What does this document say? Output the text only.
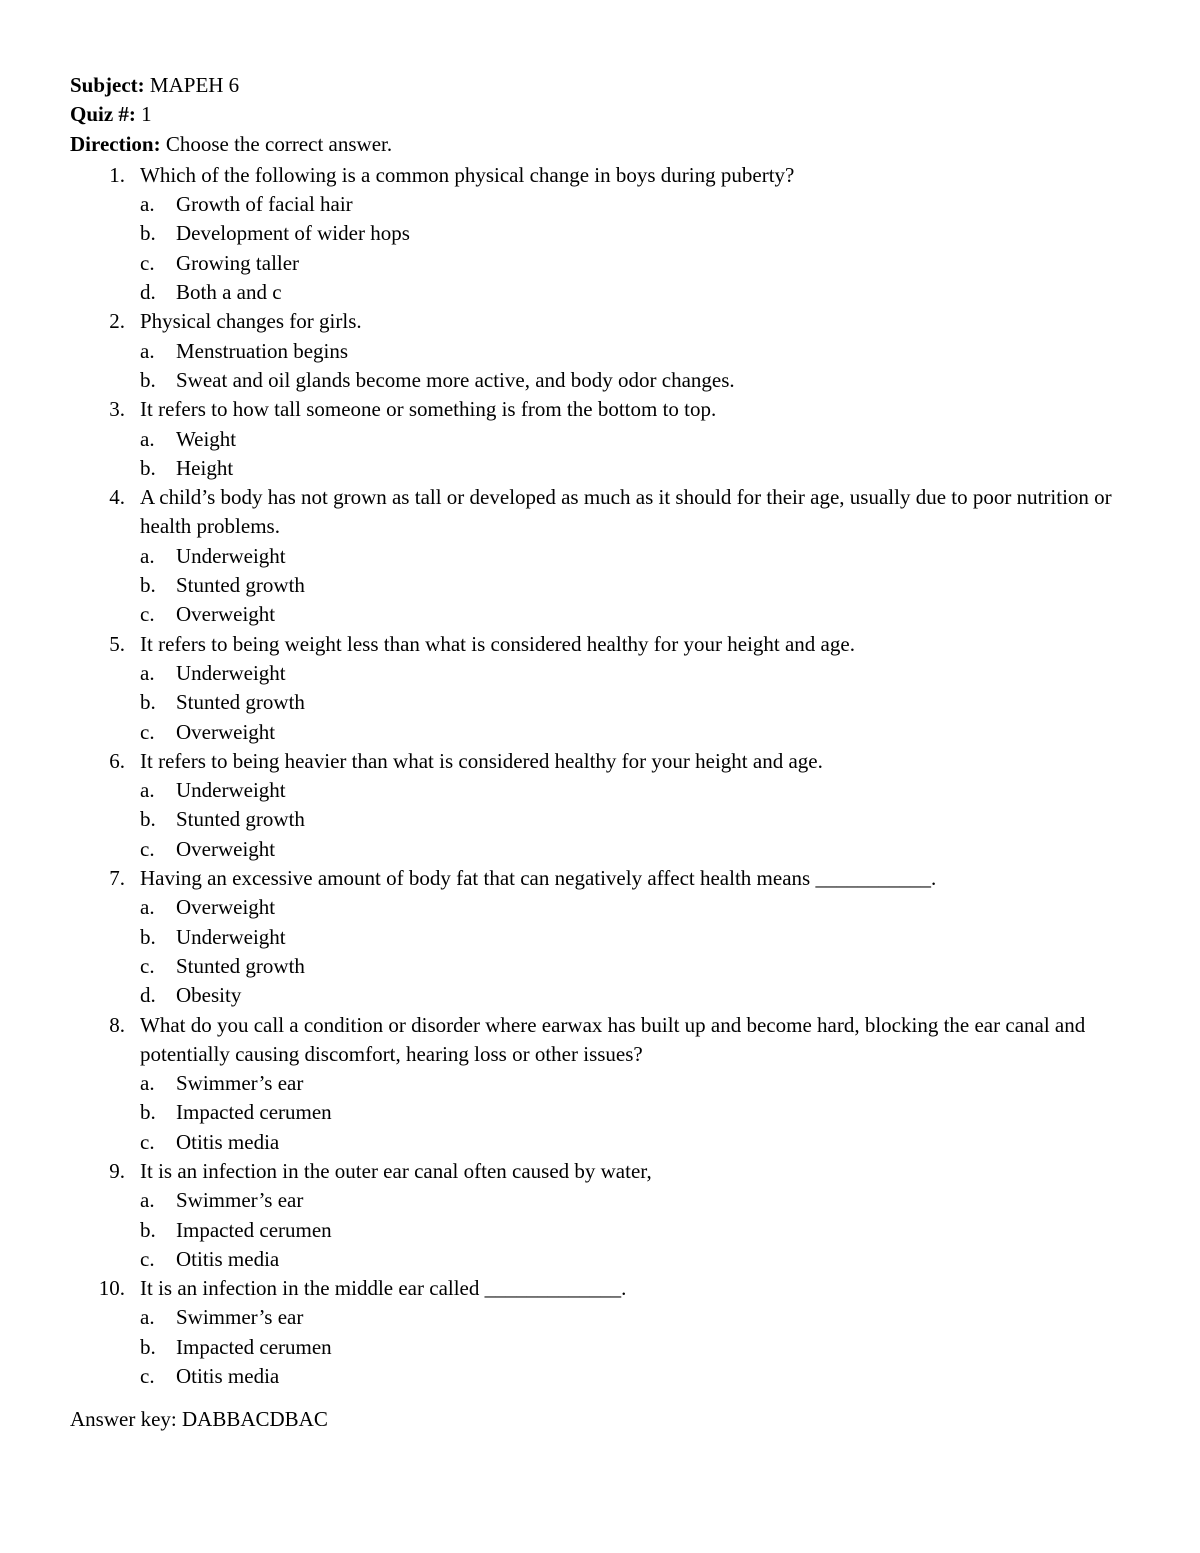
Subject: MAPEH 6

Quiz #: 1

Direction: Choose the correct answer.

1. Which of the following is a common physical change in boys during puberty?
a. Growth of facial hair
b. Development of wider hops
c. Growing taller
d. Both a and c
2. Physical changes for girls.
a. Menstruation begins
b. Sweat and oil glands become more active, and body odor changes.
3. It refers to how tall someone or something is from the bottom to top.
a. Weight
b. Height
4. A child’s body has not grown as tall or developed as much as it should for their age, usually due to poor nutrition or health problems.
a. Underweight
b. Stunted growth
c. Overweight
5. It refers to being weight less than what is considered healthy for your height and age.
a. Underweight
b. Stunted growth
c. Overweight
6. It refers to being heavier than what is considered healthy for your height and age.
a. Underweight
b. Stunted growth
c. Overweight
7. Having an excessive amount of body fat that can negatively affect health means ___________.
a. Overweight
b. Underweight
c. Stunted growth
d. Obesity
8. What do you call a condition or disorder where earwax has built up and become hard, blocking the ear canal and potentially causing discomfort, hearing loss or other issues?
a. Swimmer’s ear
b. Impacted cerumen
c. Otitis media
9. It is an infection in the outer ear canal often caused by water,
a. Swimmer’s ear
b. Impacted cerumen
c. Otitis media
10. It is an infection in the middle ear called _____________.
a. Swimmer’s ear
b. Impacted cerumen
c. Otitis media

Answer key: DABBACDBAC
